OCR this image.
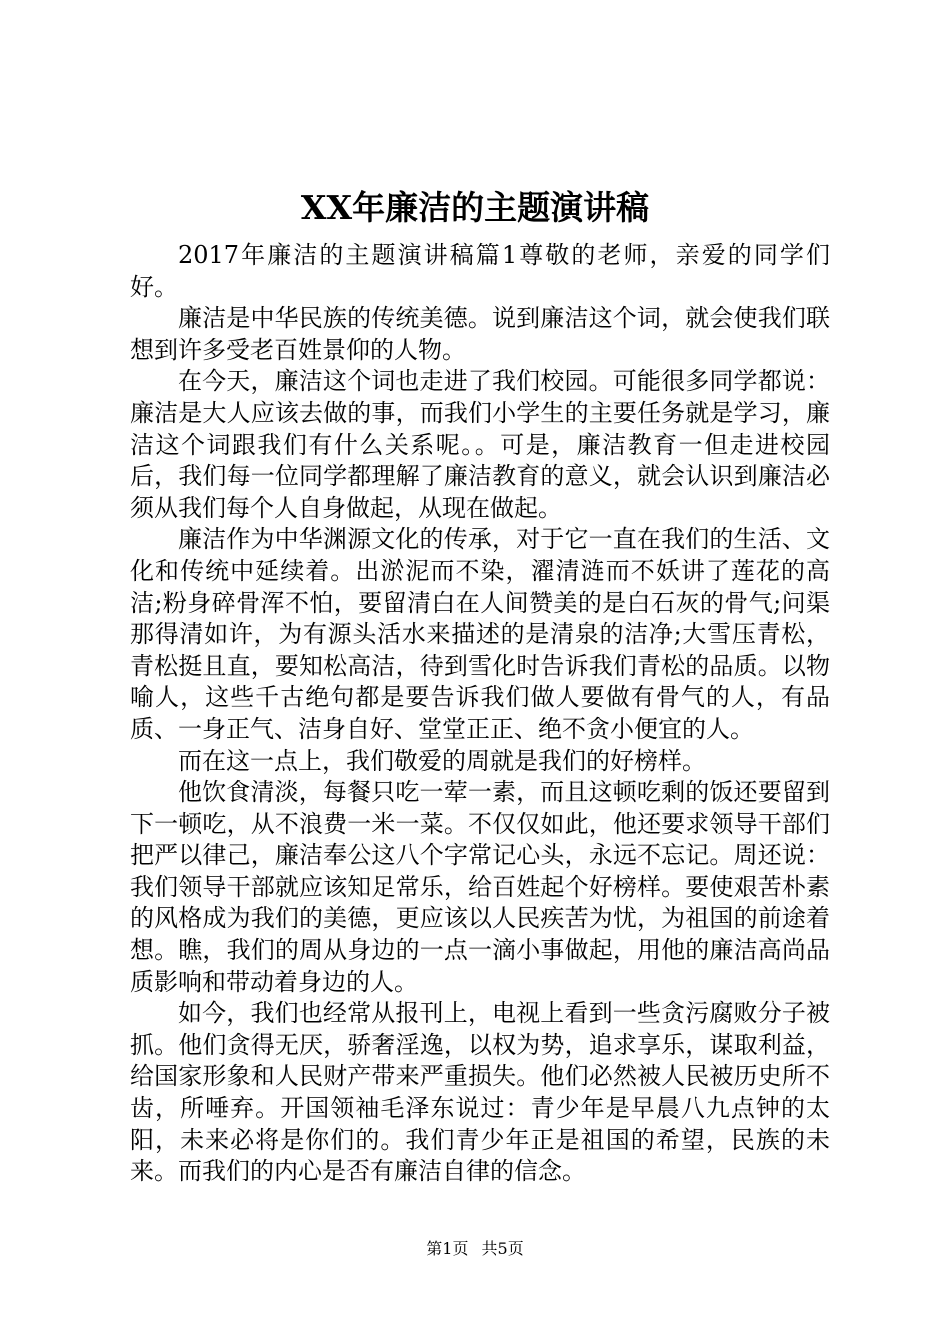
XX年廉洁的主题演讲稿

2017年廉洁的主题演讲稿篇1尊敬的老师，亲爱的同学们好。

廉洁是中华民族的传统美德。说到廉洁这个词，就会使我们联想到许多受老百姓景仰的人物。

在今天，廉洁这个词也走进了我们校园。可能很多同学都说：廉洁是大人应该去做的事，而我们小学生的主要任务就是学习，廉洁这个词跟我们有什么关系呢。。可是，廉洁教育一但走进校园后，我们每一位同学都理解了廉洁教育的意义，就会认识到廉洁必须从我们每个人自身做起，从现在做起。

廉洁作为中华渊源文化的传承，对于它一直在我们的生活、文化和传统中延续着。出淤泥而不染，濯清涟而不妖讲了莲花的高洁;粉身碎骨浑不怕，要留清白在人间赞美的是白石灰的骨气;问渠那得清如许，为有源头活水来描述的是清泉的洁净;大雪压青松，青松挺且直，要知松高洁，待到雪化时告诉我们青松的品质。以物喻人，这些千古绝句都是要告诉我们做人要做有骨气的人，有品质、一身正气、洁身自好、堂堂正正、绝不贪小便宜的人。

而在这一点上，我们敬爱的周就是我们的好榜样。

他饮食清淡，每餐只吃一荤一素，而且这顿吃剩的饭还要留到下一顿吃，从不浪费一米一菜。不仅仅如此，他还要求领导干部们把严以律己，廉洁奉公这八个字常记心头，永远不忘记。周还说：我们领导干部就应该知足常乐，给百姓起个好榜样。要使艰苦朴素的风格成为我们的美德，更应该以人民疾苦为忧，为祖国的前途着想。瞧，我们的周从身边的一点一滴小事做起，用他的廉洁高尚品质影响和带动着身边的人。

如今，我们也经常从报刊上，电视上看到一些贪污腐败分子被抓。他们贪得无厌，骄奢淫逸，以权为势，追求享乐，谋取利益，给国家形象和人民财产带来严重损失。他们必然被人民被历史所不齿，所唾弃。开国领袖毛泽东说过：青少年是早晨八九点钟的太阳，未来必将是你们的。我们青少年正是祖国的希望，民族的未来。而我们的内心是否有廉洁自律的信念。

第1页 共5页
